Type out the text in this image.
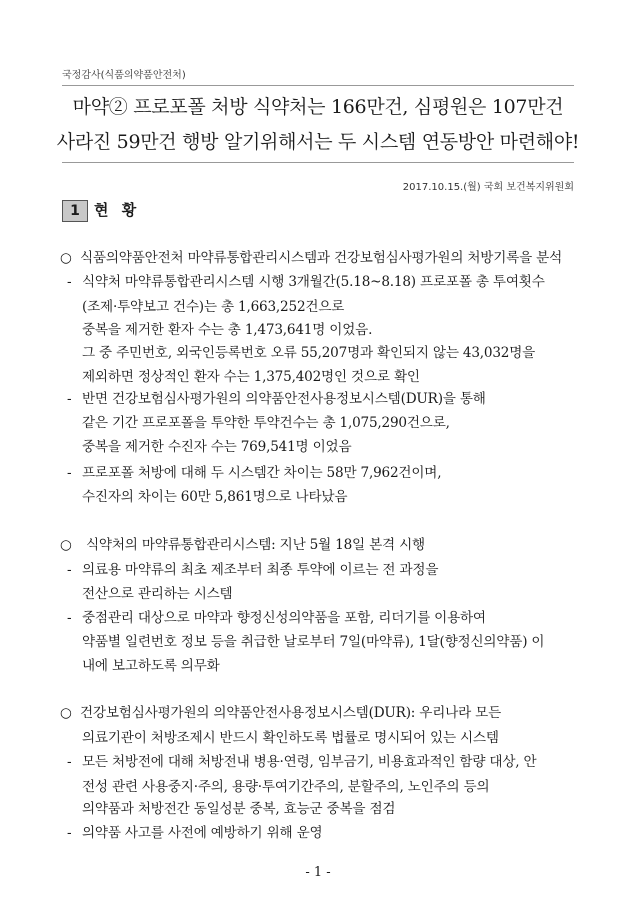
국정감사(식품의약품안전처)
마약② 프로포폴 처방 식약처는 166만건, 심평원은 107만건
사라진 59만건 행방 알기위해서는 두 시스템 연동방안 마련해야!
2017.10.15.(월) 국회 보건복지위원회
1 현 황
○ 식품의약품안전처 마약류통합관리시스템과 건강보험심사평가원의 처방기록을 분석
- 식약처 마약류통합관리시스템 시행 3개월간(5.18~8.18) 프로포폴 총 투여횟수
(조제·투약보고 건수)는 총 1,663,252건으로
중복을 제거한 환자 수는 총 1,473,641명 이었음.
그 중 주민번호, 외국인등록번호 오류 55,207명과 확인되지 않는 43,032명을
제외하면 정상적인 환자 수는 1,375,402명인 것으로 확인
- 반면 건강보험심사평가원의 의약품안전사용정보시스템(DUR)을 통해
같은 기간 프로포폴을 투약한 투약건수는 총 1,075,290건으로,
중복을 제거한 수진자 수는 769,541명 이었음
- 프로포폴 처방에 대해 두 시스템간 차이는 58만 7,962건이며,
수진자의 차이는 60만 5,861명으로 나타났음
○ 식약처의 마약류통합관리시스템: 지난 5월 18일 본격 시행
- 의료용 마약류의 최초 제조부터 최종 투약에 이르는 전 과정을
전산으로 관리하는 시스템
- 중점관리 대상으로 마약과 향정신성의약품을 포함, 리더기를 이용하여
약품별 일련번호 정보 등을 취급한 날로부터 7일(마약류), 1달(향정신의약품) 이
내에 보고하도록 의무화
○ 건강보험심사평가원의 의약품안전사용정보시스템(DUR): 우리나라 모든
의료기관이 처방조제시 반드시 확인하도록 법률로 명시되어 있는 시스템
- 모든 처방전에 대해 처방전내 병용·연령, 임부금기, 비용효과적인 함량 대상, 안
전성 관련 사용중지·주의, 용량·투여기간주의, 분할주의, 노인주의 등의
의약품과 처방전간 동일성분 중복, 효능군 중복을 점검
- 의약품 사고를 사전에 예방하기 위해 운영
- 1 -
